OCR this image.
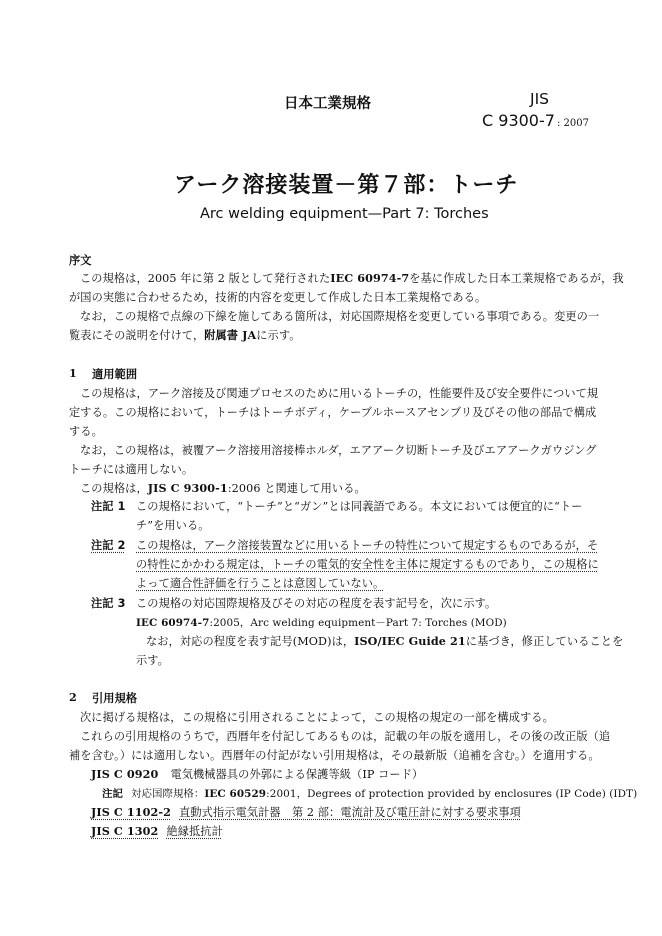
日本工業規格	JIS
C 9300-7 : 2007
アーク溶接装置－第７部：トーチ
Arc welding equipment—Part 7: Torches
序文
この規格は，2005 年に第 2 版として発行されたIEC 60974-7を基に作成した日本工業規格であるが，我
が国の実態に合わせるため，技術的内容を変更して作成した日本工業規格である。
なお，この規格で点線の下線を施してある箇所は，対応国際規格を変更している事項である。変更の一
覧表にその説明を付けて，附属書 JAに示す。
1 適用範囲
この規格は，アーク溶接及び関連プロセスのために用いるトーチの，性能要件及び安全要件について規
定する。この規格において，トーチはトーチボディ，ケーブルホースアセンブリ及びその他の部品で構成
する。
なお，この規格は，被覆アーク溶接用溶接棒ホルダ，エアアーク切断トーチ及びエアアークガウジング
トーチには適用しない。
この規格は，JIS C 9300-1:2006 と関連して用いる。
注記 1 この規格において，“トーチ”と“ガン”とは同義語である。本文においては便宜的に“トー
チ”を用いる。
注記 2 この規格は，アーク溶接装置などに用いるトーチの特性について規定するものであるが，そ
の特性にかかわる規定は，トーチの電気的安全性を主体に規定するものであり，この規格に
よって適合性評価を行うことは意図していない。
注記 3 この規格の対応国際規格及びその対応の程度を表す記号を，次に示す。
IEC 60974-7:2005，Arc welding equipment－Part 7: Torches (MOD)
なお，対応の程度を表す記号(MOD)は，ISO/IEC Guide 21に基づき，修正していることを
示す。
2 引用規格
次に掲げる規格は，この規格に引用されることによって，この規格の規定の一部を構成する。
これらの引用規格のうちで，西暦年を付記してあるものは，記載の年の版を適用し，その後の改正版（追
補を含む。）には適用しない。西暦年の付記がない引用規格は，その最新版（追補を含む。）を適用する。
JIS C 0920 電気機械器具の外郭による保護等級（IP コード）
注記 対応国際規格：IEC 60529:2001，Degrees of protection provided by enclosures (IP Code) (IDT)
JIS C 1102-2 直動式指示電気計器　第 2 部：電流計及び電圧計に対する要求事項
JIS C 1302 絶縁抵抗計
